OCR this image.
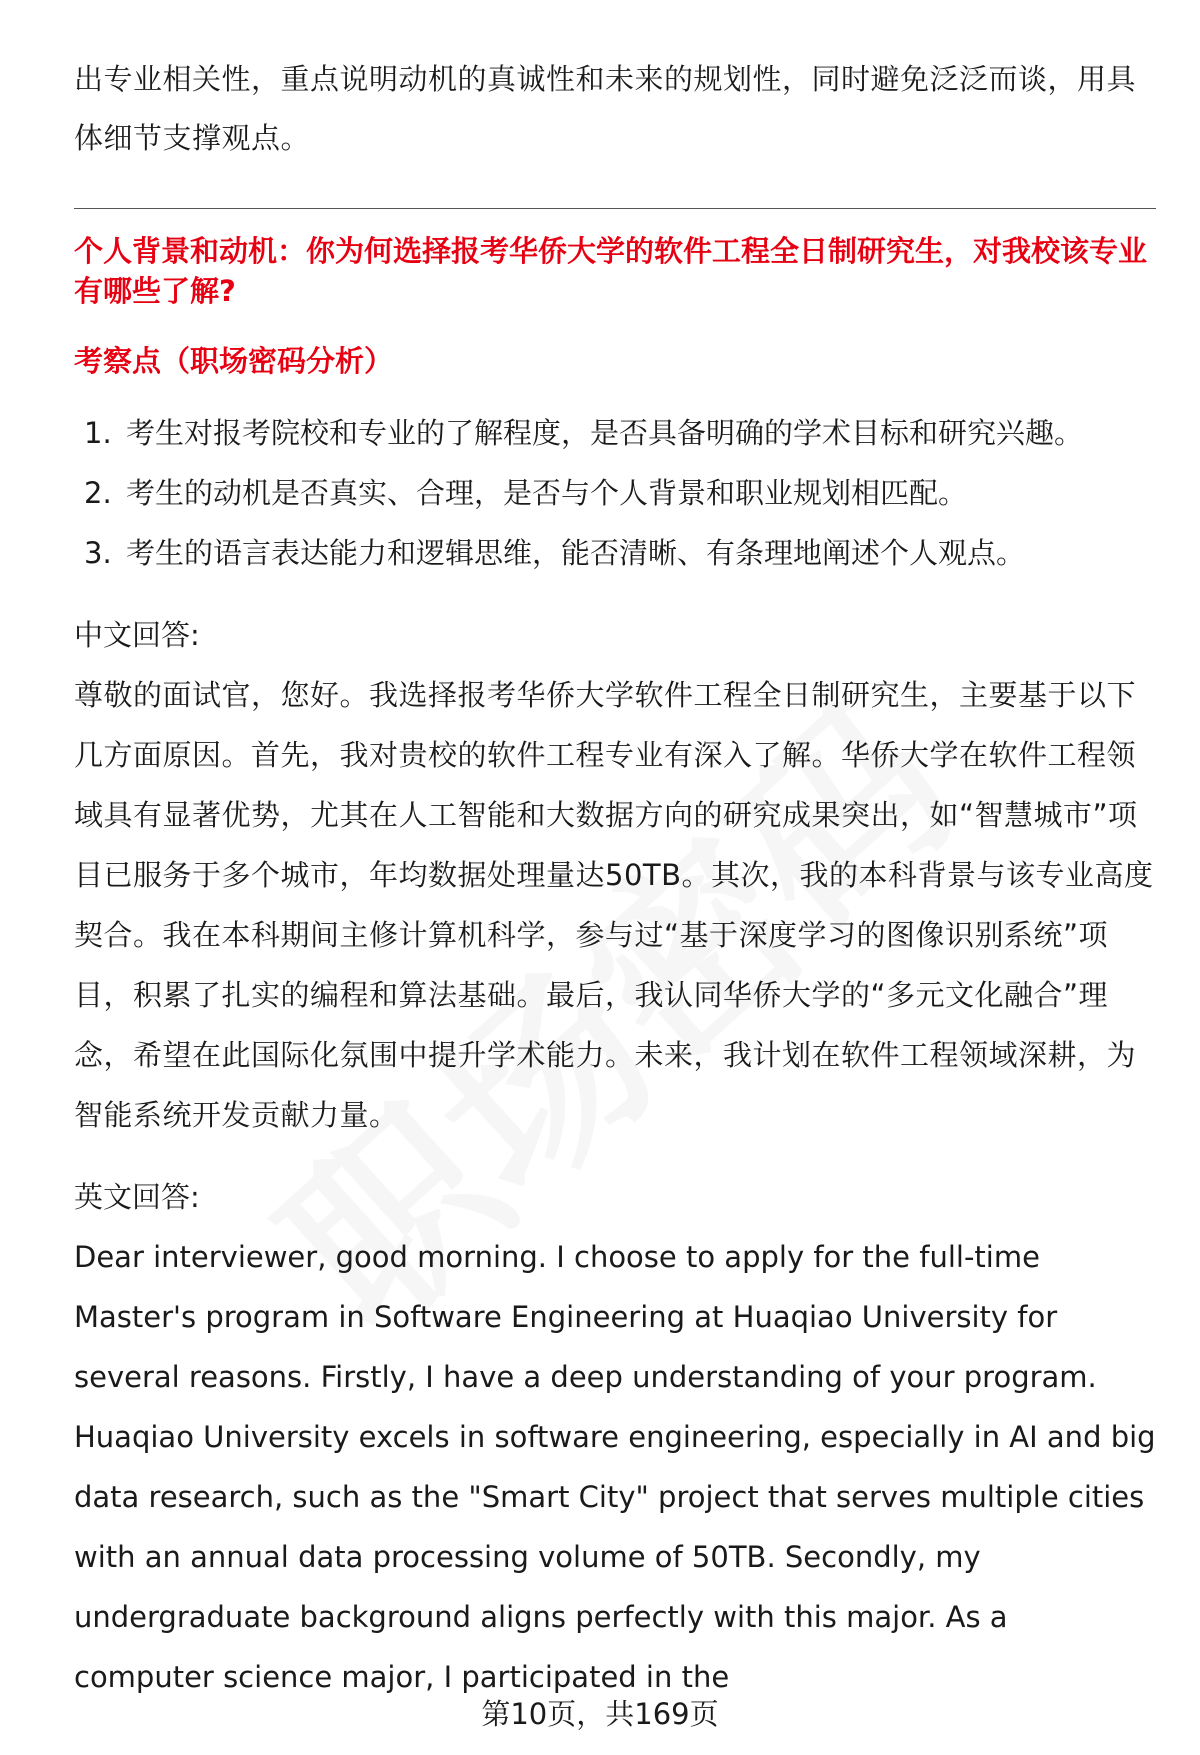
出专业相关性，重点说明动机的真诚性和未来的规划性，同时避免泛泛而谈，用具体细节支撑观点。

个人背景和动机：你为何选择报考华侨大学的软件工程全日制研究生，对我校该专业有哪些了解?

考察点（职场密码分析）

1. 考生对报考院校和专业的了解程度，是否具备明确的学术目标和研究兴趣。
2. 考生的动机是否真实、合理，是否与个人背景和职业规划相匹配。
3. 考生的语言表达能力和逻辑思维，能否清晰、有条理地阐述个人观点。

中文回答:

尊敬的面试官，您好。我选择报考华侨大学软件工程全日制研究生，主要基于以下几方面原因。首先，我对贵校的软件工程专业有深入了解。华侨大学在软件工程领域具有显著优势，尤其在人工智能和大数据方向的研究成果突出，如“智慧城市”项目已服务于多个城市，年均数据处理量达50TB。其次，我的本科背景与该专业高度契合。我在本科期间主修计算机科学，参与过“基于深度学习的图像识别系统”项目，积累了扎实的编程和算法基础。最后，我认同华侨大学的“多元文化融合”理念，希望在此国际化氛围中提升学术能力。未来，我计划在软件工程领域深耕，为智能系统开发贡献力量。

英文回答:

Dear interviewer, good morning. I choose to apply for the full-time Master's program in Software Engineering at Huaqiao University for several reasons. Firstly, I have a deep understanding of your program. Huaqiao University excels in software engineering, especially in AI and big data research, such as the "Smart City" project that serves multiple cities with an annual data processing volume of 50TB. Secondly, my undergraduate background aligns perfectly with this major. As a computer science major, I participated in the

第10页，共169页
